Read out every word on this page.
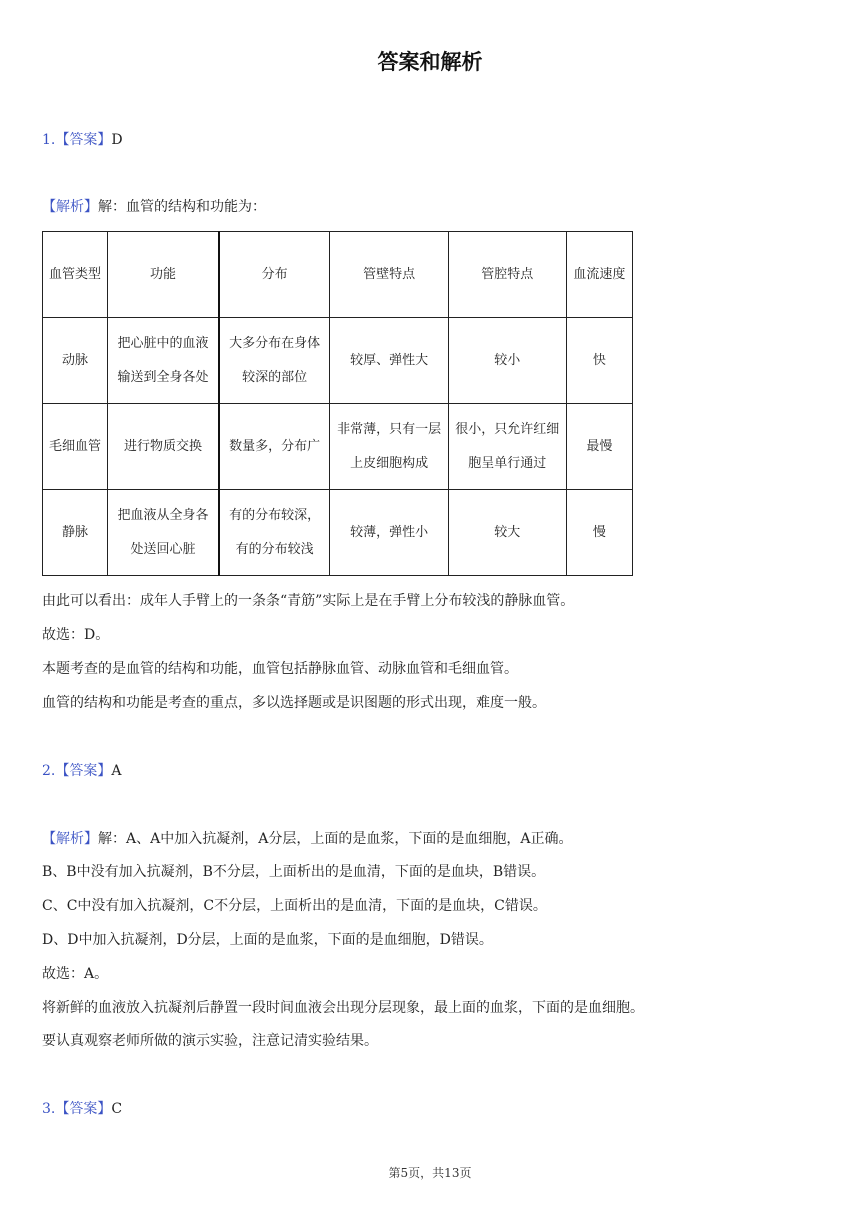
答案和解析
1.【答案】D
【解析】解：血管的结构和功能为：
血管类型	功能	分布	管壁特点	管腔特点	血流速度
动脉	把心脏中的血液输送到全身各处	大多分布在身体较深的部位	较厚、弹性大	较小	快
毛细血管	进行物质交换	数量多，分布广	非常薄，只有一层上皮细胞构成	很小，只允许红细胞呈单行通过	最慢
静脉	把血液从全身各处送回心脏	有的分布较深，有的分布较浅	较薄，弹性小	较大	慢
由此可以看出：成年人手臂上的一条条“青筋”实际上是在手臂上分布较浅的静脉血管。
故选：D。
本题考查的是血管的结构和功能，血管包括静脉血管、动脉血管和毛细血管。
血管的结构和功能是考查的重点，多以选择题或是识图题的形式出现，难度一般。
2.【答案】A
【解析】解：A、A中加入抗凝剂，A分层，上面的是血浆，下面的是血细胞，A正确。
B、B中没有加入抗凝剂，B不分层，上面析出的是血清，下面的是血块，B错误。
C、C中没有加入抗凝剂，C不分层，上面析出的是血清，下面的是血块，C错误。
D、D中加入抗凝剂，D分层，上面的是血浆，下面的是血细胞，D错误。
故选：A。
将新鲜的血液放入抗凝剂后静置一段时间血液会出现分层现象，最上面的血浆，下面的是血细胞。
要认真观察老师所做的演示实验，注意记清实验结果。
3.【答案】C
第5页，共13页
